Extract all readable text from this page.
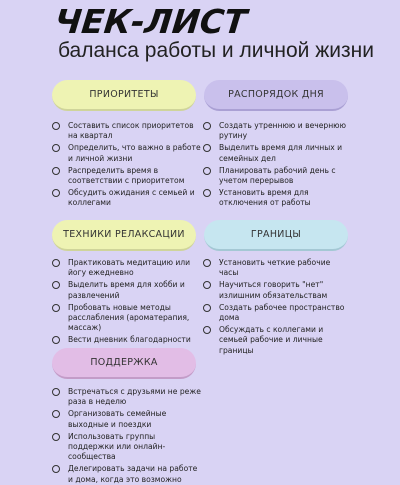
ЧЕК-ЛИСТ
баланса работы и личной жизни
ПРИОРИТЕТЫ
Составить список приоритетов на квартал
Определить, что важно в работе и личной жизни
Распределить время в соответствии с приоритетом
Обсудить ожидания с семьей и коллегами
РАСПОРЯДОК ДНЯ
Создать утреннюю и вечернюю рутину
Выделить время для личных и семейных дел
Планировать рабочий день с учетом перерывов
Установить время для отключения от работы
ТЕХНИКИ РЕЛАКСАЦИИ
Практиковать медитацию или йогу ежедневно
Выделить время для хобби и развлечений
Пробовать новые методы расслабления (ароматерапия, массаж)
Вести дневник благодарности
ГРАНИЦЫ
Установить четкие рабочие часы
Научиться говорить "нет" излишним обязательствам
Создать рабочее пространство дома
Обсуждать с коллегами и семьей рабочие и личные границы
ПОДДЕРЖКА
Встречаться с друзьями не реже раза в неделю
Организовать семейные выходные и поездки
Использовать группы поддержки или онлайн-сообщества
Делегировать задачи на работе и дома, когда это возможно
